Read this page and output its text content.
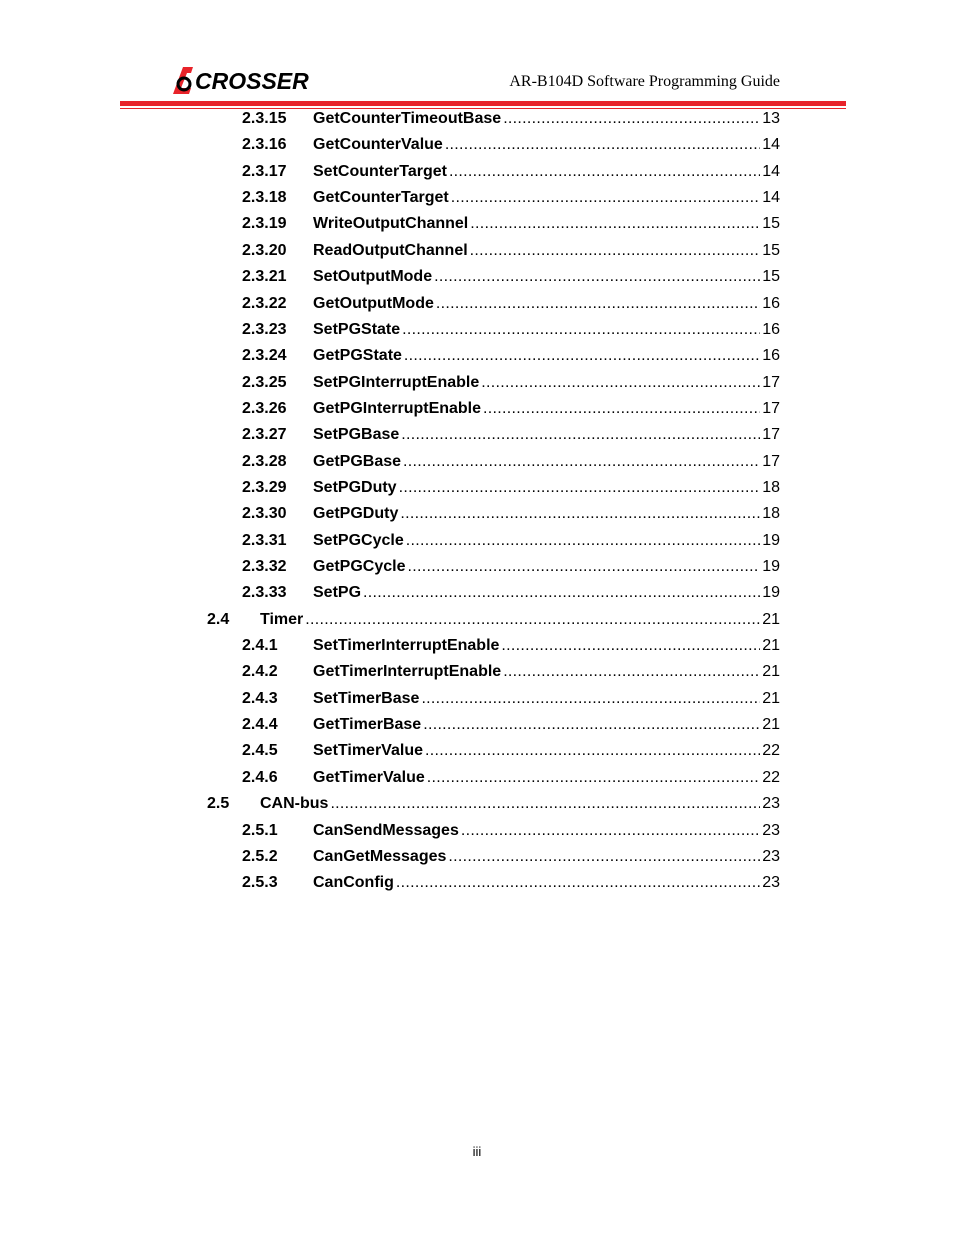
CROSSER	AR-B104D Software Programming Guide
2.3.15	GetCounterTimeoutBase .....	13
2.3.16	GetCounterValue .....	14
2.3.17	SetCounterTarget .....	14
2.3.18	GetCounterTarget .....	14
2.3.19	WriteOutputChannel .....	15
2.3.20	ReadOutputChannel .....	15
2.3.21	SetOutputMode .....	15
2.3.22	GetOutputMode .....	16
2.3.23	SetPGState .....	16
2.3.24	GetPGState .....	16
2.3.25	SetPGInterruptEnable .....	17
2.3.26	GetPGInterruptEnable .....	17
2.3.27	SetPGBase .....	17
2.3.28	GetPGBase .....	17
2.3.29	SetPGDuty .....	18
2.3.30	GetPGDuty .....	18
2.3.31	SetPGCycle .....	19
2.3.32	GetPGCycle .....	19
2.3.33	SetPG .....	19
2.4	Timer .....	21
2.4.1	SetTimerInterruptEnable .....	21
2.4.2	GetTimerInterruptEnable .....	21
2.4.3	SetTimerBase .....	21
2.4.4	GetTimerBase .....	21
2.4.5	SetTimerValue .....	22
2.4.6	GetTimerValue .....	22
2.5	CAN-bus .....	23
2.5.1	CanSendMessages .....	23
2.5.2	CanGetMessages .....	23
2.5.3	CanConfig .....	23
iii
